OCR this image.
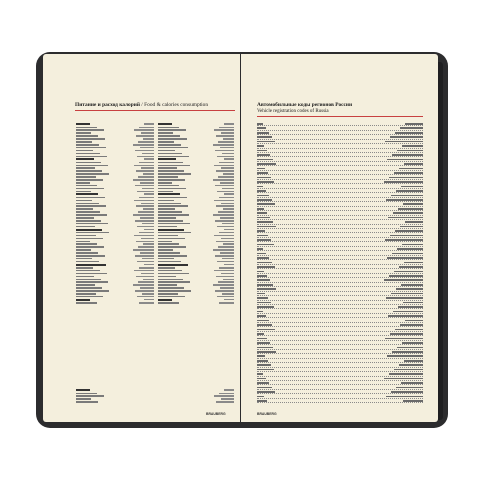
Питание и расход калорий / Food & calories consumption
BRAUBERG
Автомобильные коды регионов России
Vehicle registration codes of Russia
BRAUBERG
